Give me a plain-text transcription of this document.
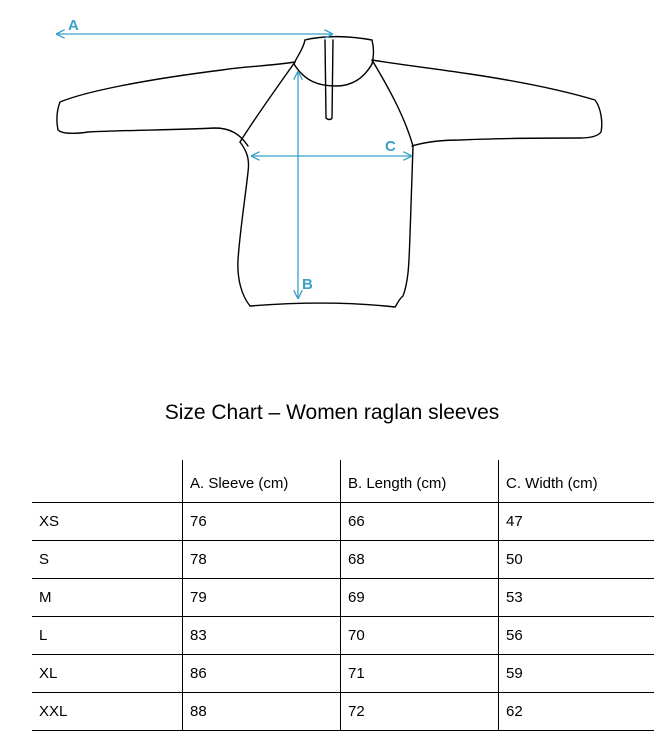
A
B
C
Size Chart – Women raglan sleeves
	A. Sleeve (cm)	B. Length (cm)	C. Width (cm)
XS	76	66	47
S	78	68	50
M	79	69	53
L	83	70	56
XL	86	71	59
XXL	88	72	62
